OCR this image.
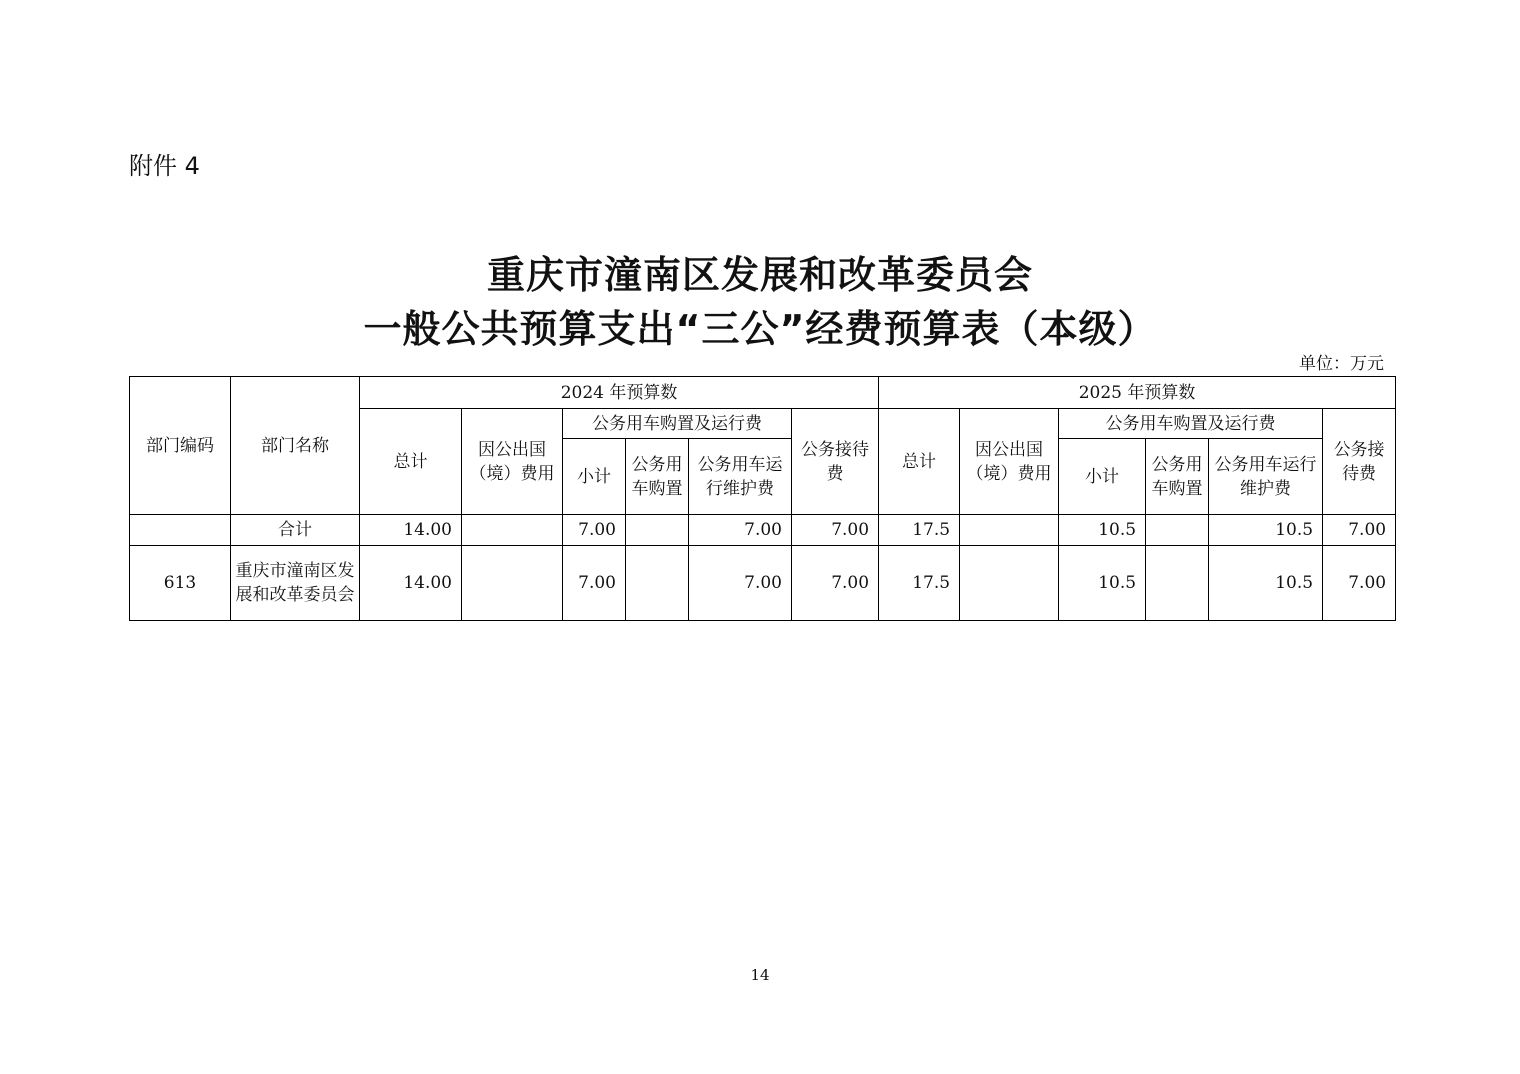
附件 4
重庆市潼南区发展和改革委员会
一般公共预算支出“三公”经费预算表（本级）
单位：万元
部门编码	部门名称	2024 年预算数						2025 年预算数					
		总计	因公出国（境）费用	公务用车购置及运行费			公务接待费	总计	因公出国（境）费用	公务用车购置及运行费			公务接待费
				小计	公务用车购置	公务用车运行维护费				小计	公务用车购置	公务用车运行维护费	
	合计	14.00		7.00		7.00	7.00	17.5		10.5		10.5	7.00
613	重庆市潼南区发展和改革委员会	14.00		7.00		7.00	7.00	17.5		10.5		10.5	7.00
14
